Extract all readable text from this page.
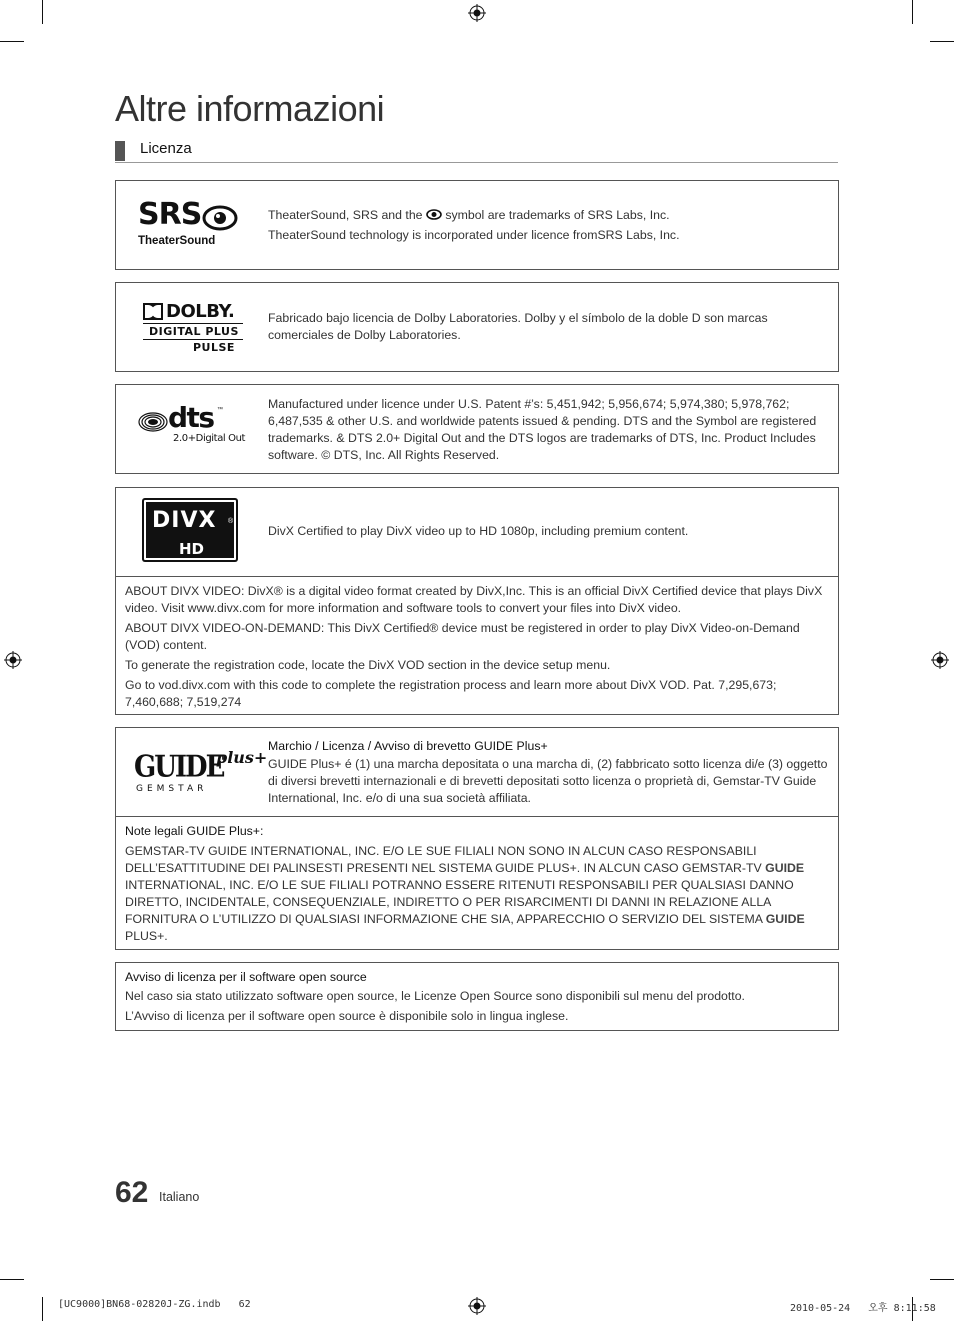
Altre informazioni
Licenza
SRS
TheaterSound

TheaterSound, SRS and the symbol are trademarks of SRS Labs, Inc.

TheaterSound technology is incorporated under licence fromSRS Labs, Inc.

DOLBY.
DIGITAL PLUS
PULSE

Fabricado bajo licencia de Dolby Laboratories. Dolby y el símbolo de la doble D son marcas comerciales de Dolby Laboratories.

dts ™
2.0+Digital Out

Manufactured under licence under U.S. Patent #’s: 5,451,942; 5,956,674; 5,974,380; 5,978,762; 6,487,535 & other U.S. and worldwide patents issued & pending. DTS and the Symbol are registered trademarks. & DTS 2.0+ Digital Out and the DTS logos are trademarks of DTS, Inc. Product Includes software. © DTS, Inc. All Rights Reserved.

DIVX ®
HD

DivX Certified to play DivX video up to HD 1080p, including premium content.

ABOUT DIVX VIDEO: DivX® is a digital video format created by DivX,Inc. This is an official DivX Certified device that plays DivX video. Visit www.divx.com for more information and software tools to convert your files into DivX video.

ABOUT DIVX VIDEO-ON-DEMAND: This DivX Certified® device must be registered in order to play DivX Video-on-Demand (VOD) content.

To generate the registration code, locate the DivX VOD section in the device setup menu.

Go to vod.divx.com with this code to complete the registration process and learn more about DivX VOD. Pat. 7,295,673; 7,460,688; 7,519,274

GUIDE
plus+
GEMSTAR

Marchio / Licenza / Avviso di brevetto GUIDE Plus+

GUIDE Plus+ é (1) una marcha depositata o una marcha di, (2) fabbricato sotto licenza di/e (3) oggetto di diversi brevetti internazionali e di brevetti depositati sotto licenza o proprietà di, Gemstar-TV Guide International, Inc. e/o di una sua società affiliata.

Note legali GUIDE Plus+:

GEMSTAR-TV GUIDE INTERNATIONAL, INC. E/O LE SUE FILIALI NON SONO IN ALCUN CASO RESPONSABILI DELL’ESATTITUDINE DEI PALINSESTI PRESENTI NEL SISTEMA GUIDE PLUS+. IN ALCUN CASO GEMSTAR-TV GUIDE INTERNATIONAL, INC. E/O LE SUE FILIALI POTRANNO ESSERE RITENUTI RESPONSABILI PER QUALSIASI DANNO DIRETTO, INCIDENTALE, CONSEQUENZIALE, INDIRETTO O PER RISARCIMENTI DI DANNI IN RELAZIONE ALLA FORNITURA O L’UTILIZZO DI QUALSIASI INFORMAZIONE CHE SIA, APPARECCHIO O SERVIZIO DEL SISTEMA GUIDE PLUS+.

Avviso di licenza per il software open source

Nel caso sia stato utilizzato software open source, le Licenze Open Source sono disponibili sul menu del prodotto.

L’Avviso di licenza per il software open source è disponibile solo in lingua inglese.

62 Italiano
[UC9000]BN68-02820J-ZG.indb   62	2010-05-24   오후 8:11:58
